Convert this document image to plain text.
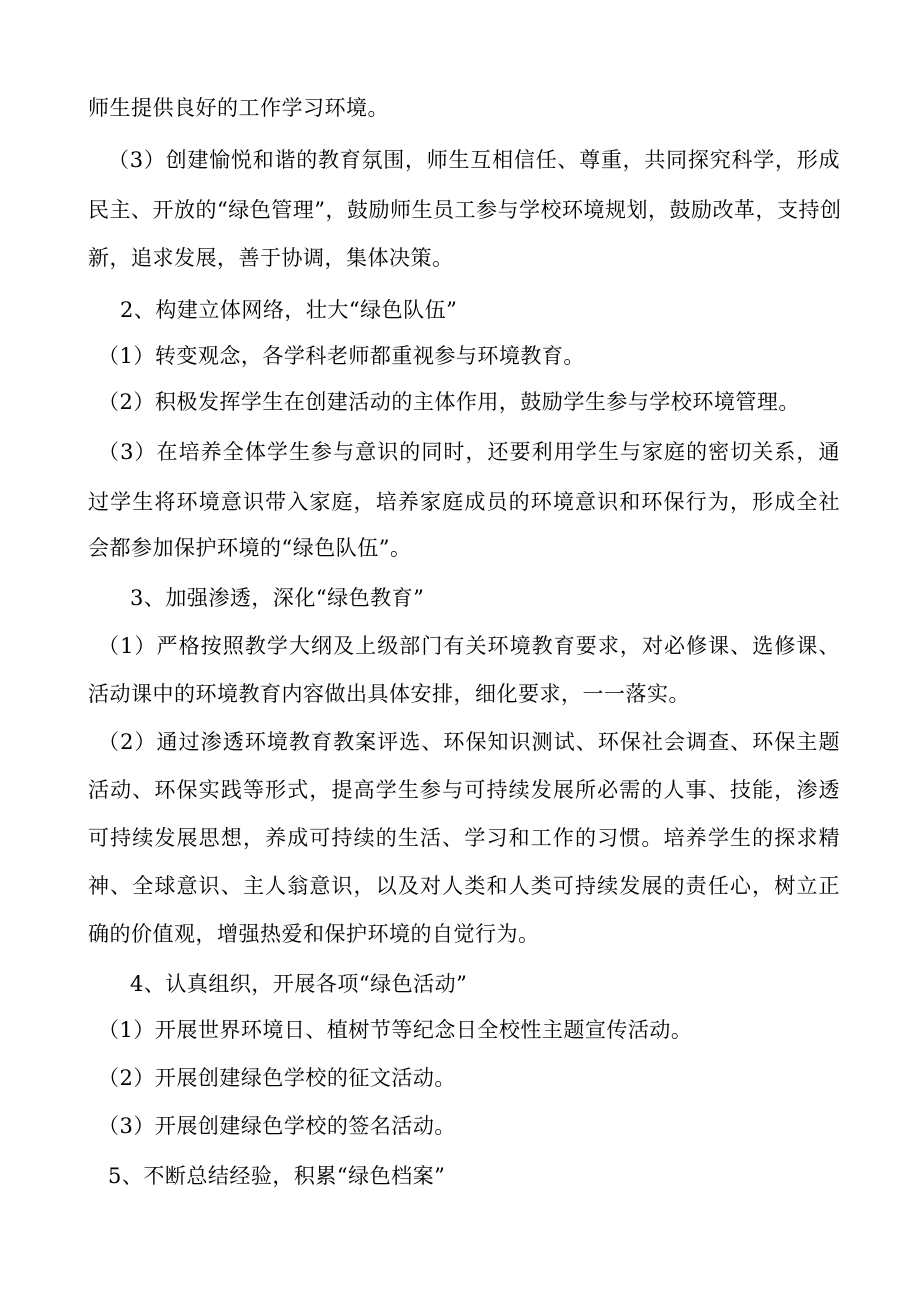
师生提供良好的工作学习环境。
（3）创建愉悦和谐的教育氛围，师生互相信任、尊重，共同探究科学，形成
民主、开放的“绿色管理”，鼓励师生员工参与学校环境规划，鼓励改革，支持创
新，追求发展，善于协调，集体决策。
2、构建立体网络，壮大“绿色队伍”
（1）转变观念，各学科老师都重视参与环境教育。
（2）积极发挥学生在创建活动的主体作用，鼓励学生参与学校环境管理。
（3）在培养全体学生参与意识的同时，还要利用学生与家庭的密切关系，通
过学生将环境意识带入家庭，培养家庭成员的环境意识和环保行为，形成全社
会都参加保护环境的“绿色队伍”。
3、加强渗透，深化“绿色教育”
（1）严格按照教学大纲及上级部门有关环境教育要求，对必修课、选修课、
活动课中的环境教育内容做出具体安排，细化要求，一一落实。
（2）通过渗透环境教育教案评选、环保知识测试、环保社会调查、环保主题
活动、环保实践等形式，提高学生参与可持续发展所必需的人事、技能，渗透
可持续发展思想，养成可持续的生活、学习和工作的习惯。培养学生的探求精
神、全球意识、主人翁意识，以及对人类和人类可持续发展的责任心，树立正
确的价值观，增强热爱和保护环境的自觉行为。
4、认真组织，开展各项“绿色活动”
（1）开展世界环境日、植树节等纪念日全校性主题宣传活动。
（2）开展创建绿色学校的征文活动。
（3）开展创建绿色学校的签名活动。
5、不断总结经验，积累“绿色档案”
